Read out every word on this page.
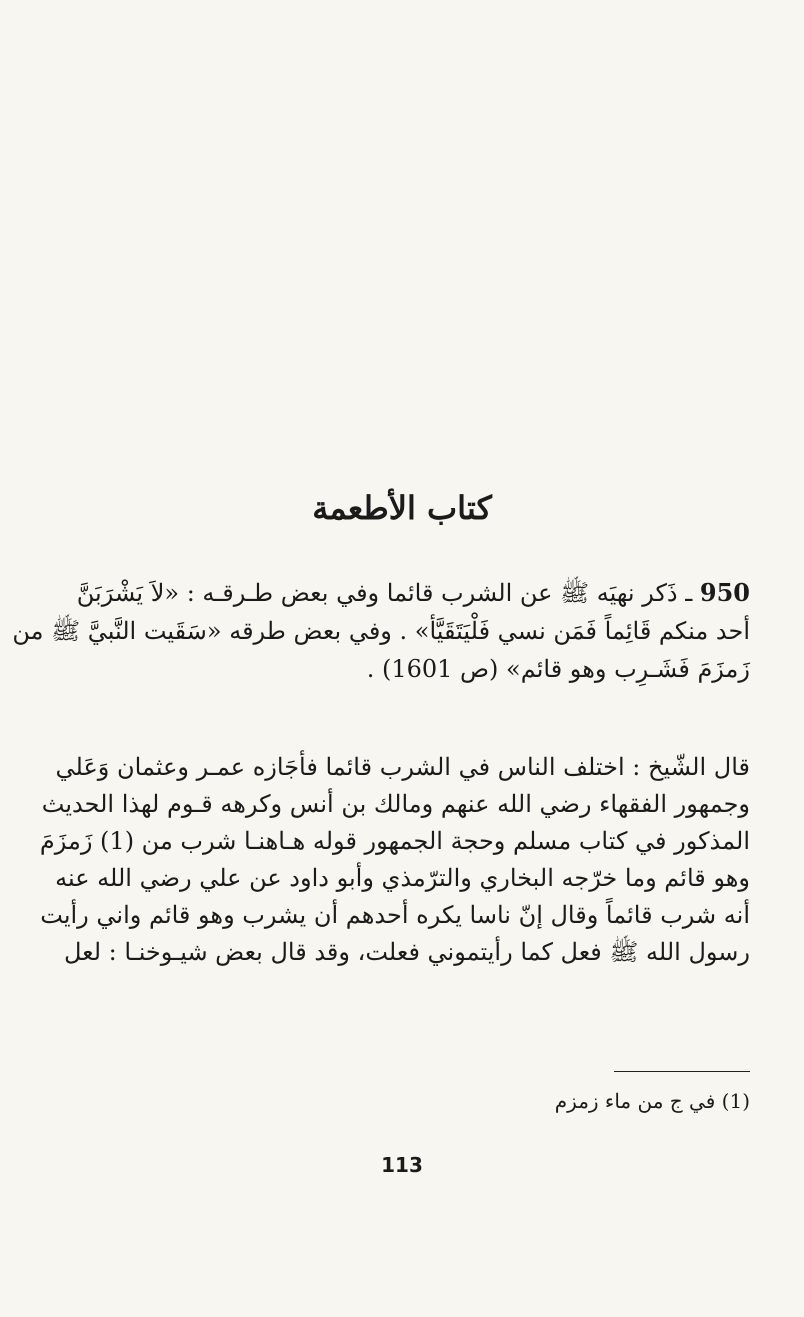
كتاب الأطعمة
950 ـ ذَكر نهيَه ﷺ عن الشرب قائما وفي بعض طـرقـه : «لاَ يَشْرَبَنَّ
أحد منكم قَائِماً فَمَن نسي فَلْيَتَقَيَّأ» . وفي بعض طرقه «سَقَيت النَّبيَّ ﷺ من
زَمزَمَ فَشَـرِب وهو قائم» (ص 1601) .
قال الشّيخ : اختلف الناس في الشرب قائما فأجَازه عمـر وعثمان وَعَلي
وجمهور الفقهاء رضي الله عنهم ومالك بن أنس وكرهه قـوم لهذا الحديث
المذكور في كتاب مسلم وحجة الجمهور قوله هـاهنـا شرب من (1) زَمزَمَ
وهو قائم وما خرّجه البخاري والترّمذي وأبو داود عن علي رضي الله عنه
أنه شرب قائماً وقال إنّ ناسا يكره أحدهم أن يشرب وهو قائم واني رأيت
رسول الله ﷺ فعل كما رأيتموني فعلت، وقد قال بعض شيـوخنـا : لعل
(1) في ج من ماء زمزم
113
